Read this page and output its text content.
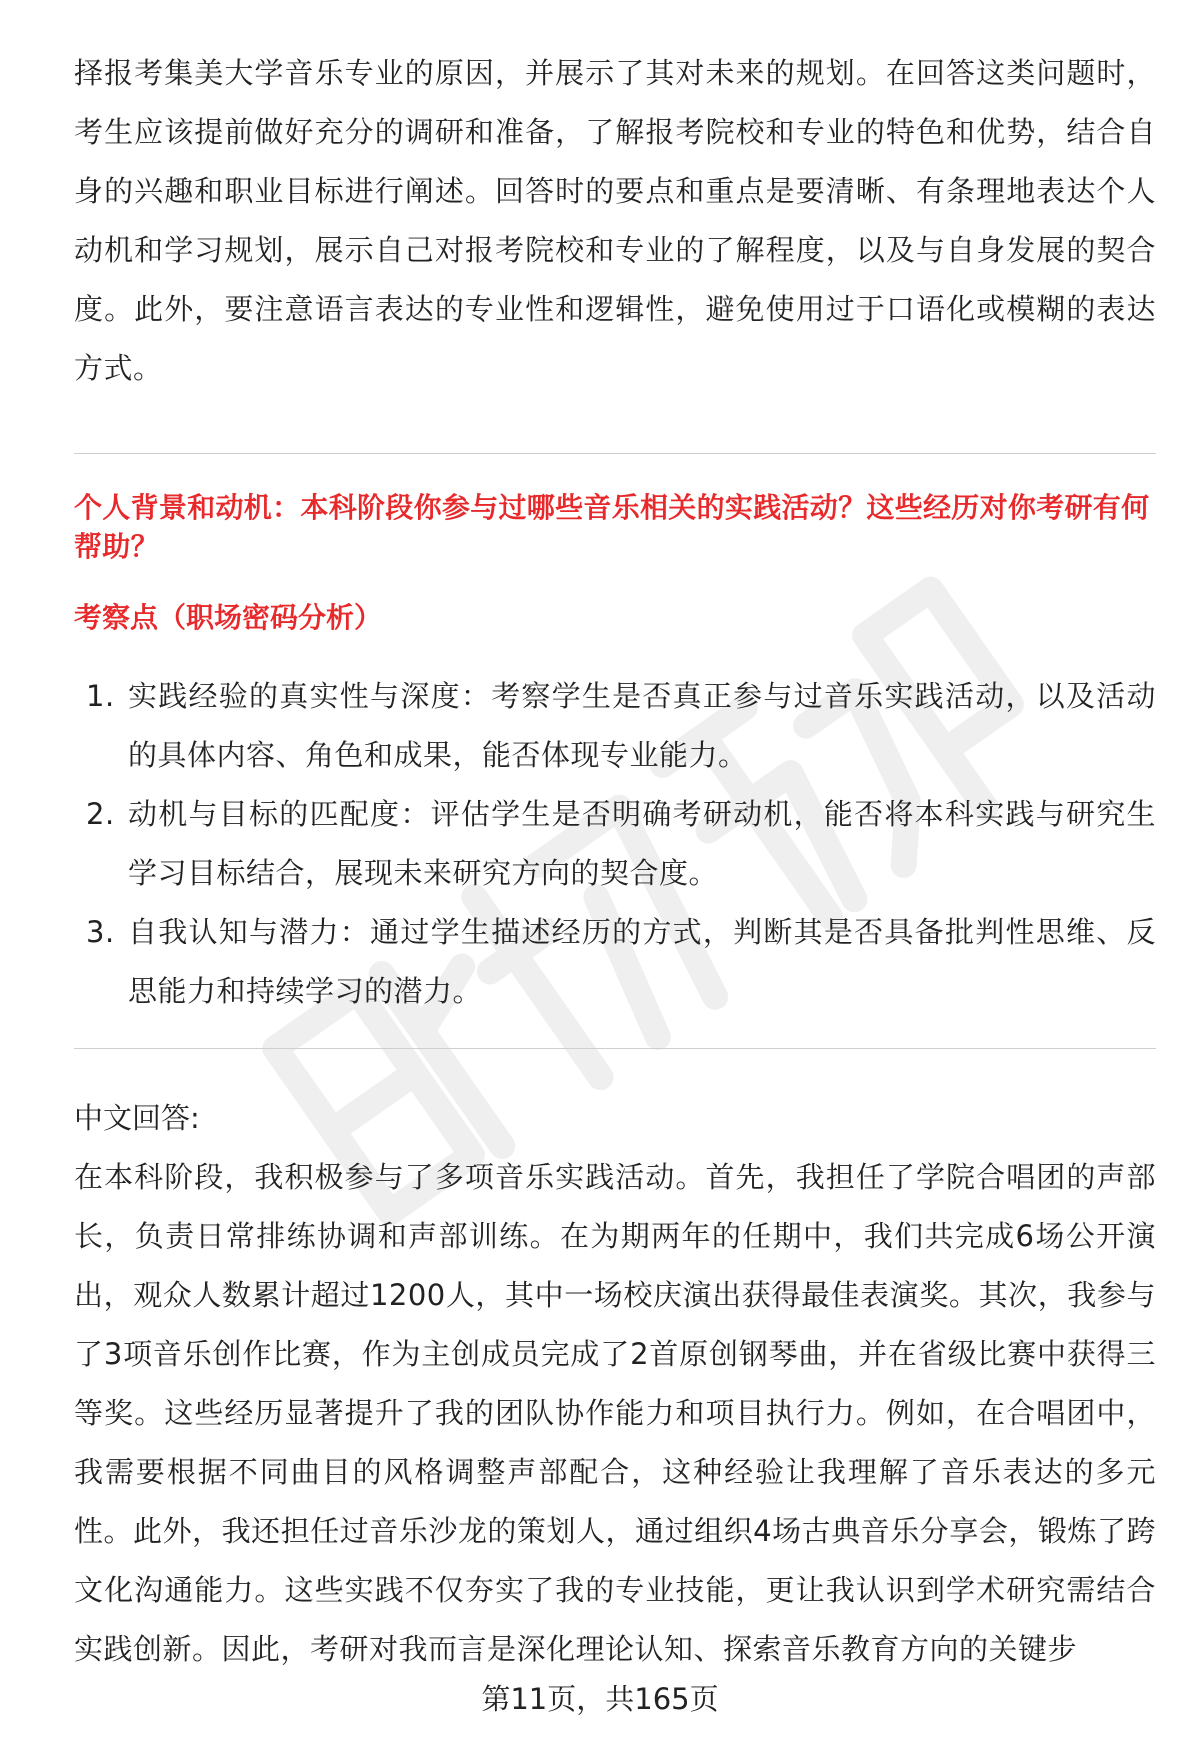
择报考集美大学音乐专业的原因，并展示了其对未来的规划。在回答这类问题时，考生应该提前做好充分的调研和准备，了解报考院校和专业的特色和优势，结合自身的兴趣和职业目标进行阐述。回答时的要点和重点是要清晰、有条理地表达个人动机和学习规划，展示自己对报考院校和专业的了解程度，以及与自身发展的契合度。此外，要注意语言表达的专业性和逻辑性，避免使用过于口语化或模糊的表达方式。

个人背景和动机：本科阶段你参与过哪些音乐相关的实践活动？这些经历对你考研有何帮助？

考察点（职场密码分析）

1. 实践经验的真实性与深度：考察学生是否真正参与过音乐实践活动，以及活动的具体内容、角色和成果，能否体现专业能力。
2. 动机与目标的匹配度：评估学生是否明确考研动机，能否将本科实践与研究生学习目标结合，展现未来研究方向的契合度。
3. 自我认知与潜力：通过学生描述经历的方式，判断其是否具备批判性思维、反思能力和持续学习的潜力。

中文回答:

在本科阶段，我积极参与了多项音乐实践活动。首先，我担任了学院合唱团的声部长，负责日常排练协调和声部训练。在为期两年的任期中，我们共完成6场公开演出，观众人数累计超过1200人，其中一场校庆演出获得最佳表演奖。其次，我参与了3项音乐创作比赛，作为主创成员完成了2首原创钢琴曲，并在省级比赛中获得三等奖。这些经历显著提升了我的团队协作能力和项目执行力。例如，在合唱团中，我需要根据不同曲目的风格调整声部配合，这种经验让我理解了音乐表达的多元性。此外，我还担任过音乐沙龙的策划人，通过组织4场古典音乐分享会，锻炼了跨文化沟通能力。这些实践不仅夯实了我的专业技能，更让我认识到学术研究需结合实践创新。因此，考研对我而言是深化理论认知、探索音乐教育方向的关键步

第11页，共165页
